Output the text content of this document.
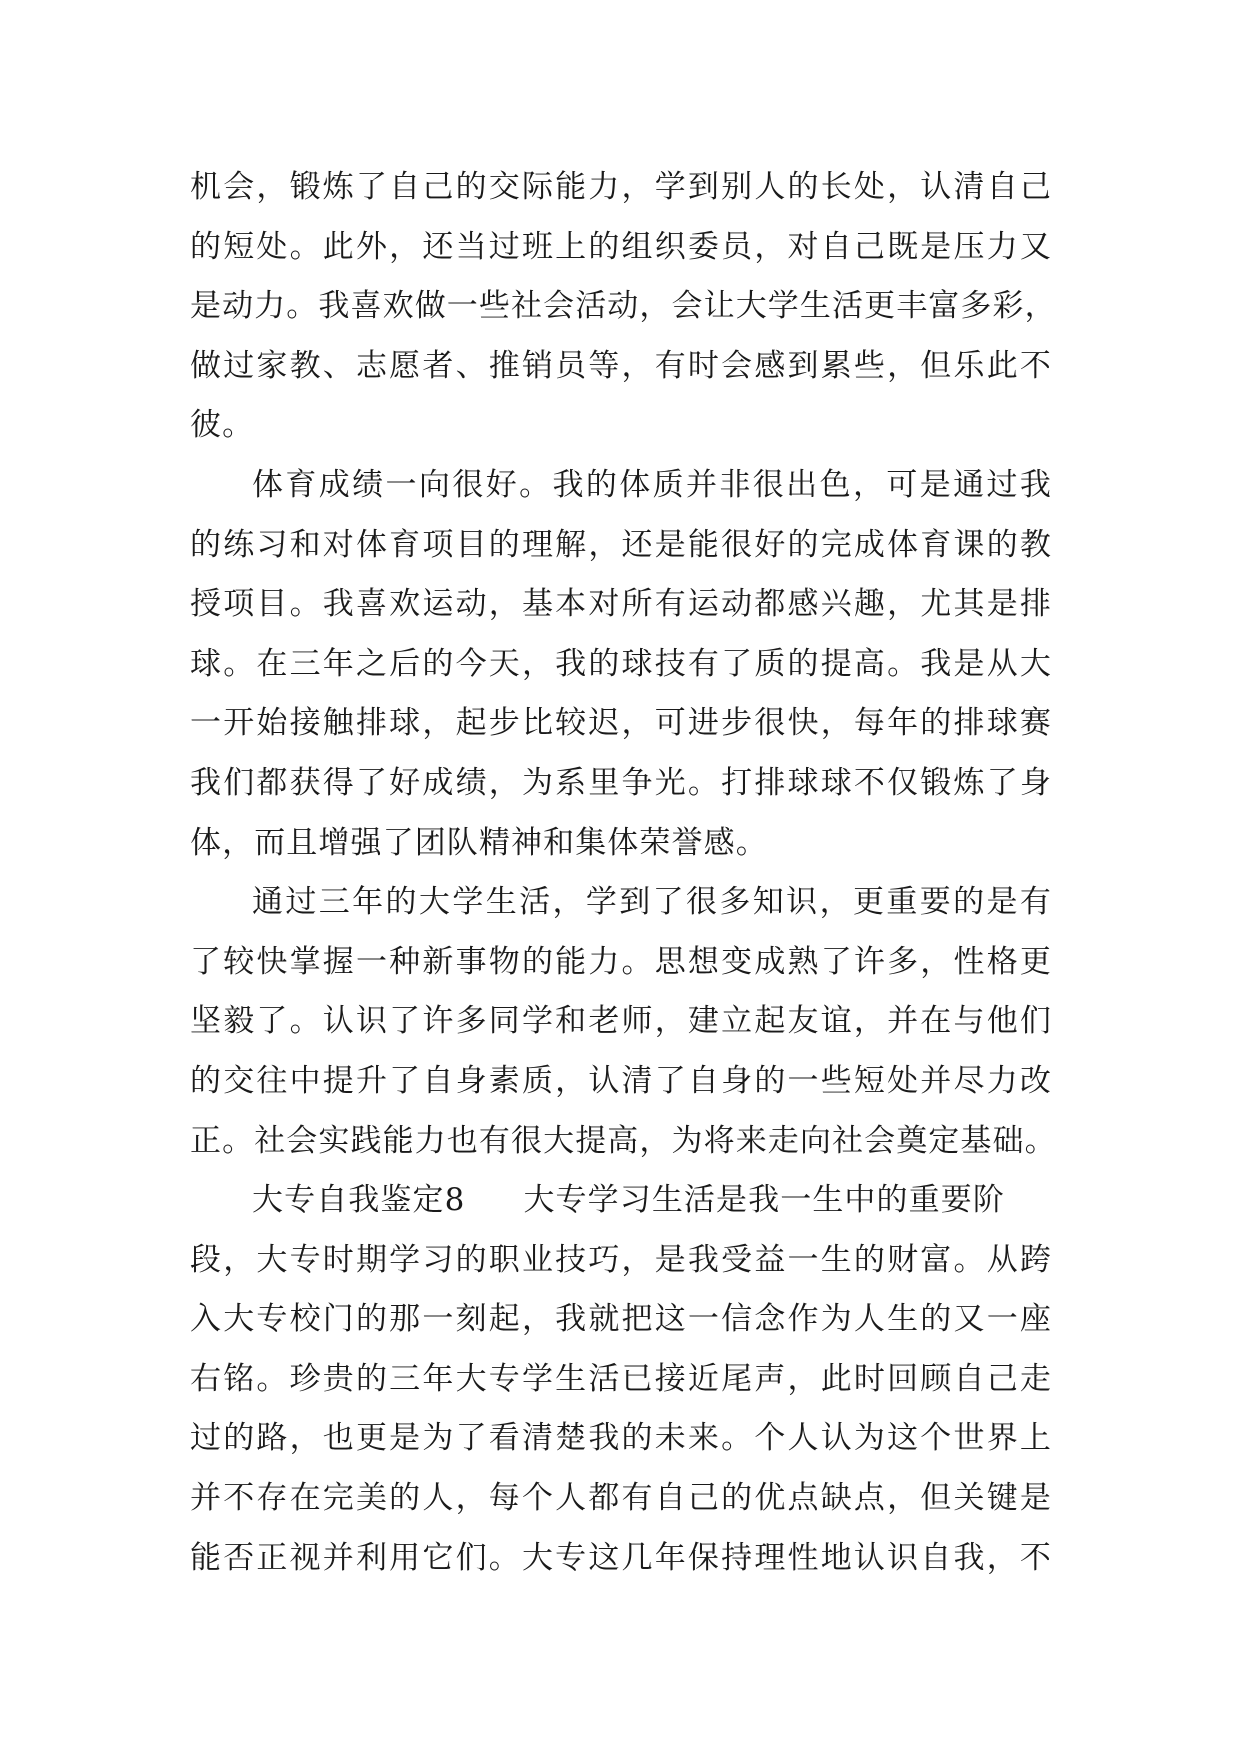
机会，锻炼了自己的交际能力，学到别人的长处，认清自己
的短处。此外，还当过班上的组织委员，对自己既是压力又
是动力。我喜欢做一些社会活动，会让大学生活更丰富多彩，
做过家教、志愿者、推销员等，有时会感到累些，但乐此不
彼。
体育成绩一向很好。我的体质并非很出色，可是通过我
的练习和对体育项目的理解，还是能很好的完成体育课的教
授项目。我喜欢运动，基本对所有运动都感兴趣，尤其是排
球。在三年之后的今天，我的球技有了质的提高。我是从大
一开始接触排球，起步比较迟，可进步很快，每年的排球赛
我们都获得了好成绩，为系里争光。打排球球不仅锻炼了身
体，而且增强了团队精神和集体荣誉感。
通过三年的大学生活，学到了很多知识，更重要的是有
了较快掌握一种新事物的能力。思想变成熟了许多，性格更
坚毅了。认识了许多同学和老师，建立起友谊，并在与他们
的交往中提升了自身素质，认清了自身的一些短处并尽力改
正。社会实践能力也有很大提高，为将来走向社会奠定基础。
大专自我鉴定8 大专学习生活是我一生中的重要阶
段，大专时期学习的职业技巧，是我受益一生的财富。从跨
入大专校门的那一刻起，我就把这一信念作为人生的又一座
右铭。珍贵的三年大专学生活已接近尾声，此时回顾自己走
过的路，也更是为了看清楚我的未来。个人认为这个世界上
并不存在完美的人，每个人都有自己的优点缺点，但关键是
能否正视并利用它们。大专这几年保持理性地认识自我，不
